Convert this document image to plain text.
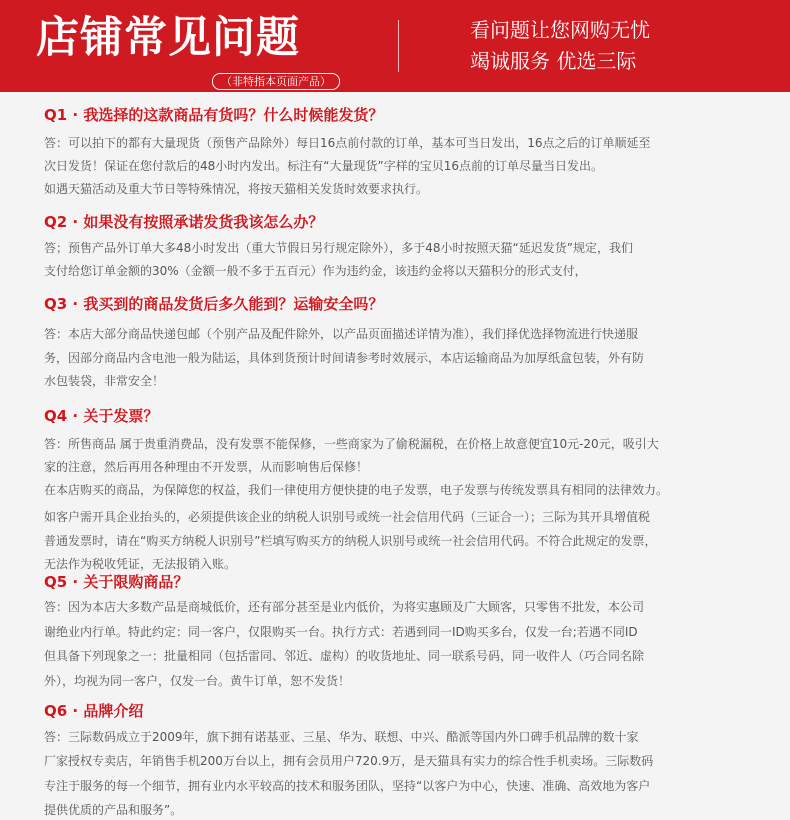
店铺常见问题
（非特指本页面产品）
看问题让您网购无忧
竭诚服务 优选三际
Q1 · 我选择的这款商品有货吗？什么时候能发货？
答：可以拍下的都有大量现货（预售产品除外）每日16点前付款的订单，基本可当日发出，16点之后的订单顺延至
次日发货！保证在您付款后的48小时内发出。标注有“大量现货”字样的宝贝16点前的订单尽量当日发出。
如遇天猫活动及重大节日等特殊情况，将按天猫相关发货时效要求执行。
Q2 · 如果没有按照承诺发货我该怎么办？
答；预售产品外订单大多48小时发出（重大节假日另行规定除外），多于48小时按照天猫“延迟发货”规定，我们
支付给您订单金额的30%（金额一般不多于五百元）作为违约金，该违约金将以天猫积分的形式支付，
Q3 · 我买到的商品发货后多久能到？运输安全吗？
答：本店大部分商品快递包邮（个别产品及配件除外，以产品页面描述详情为准），我们择优选择物流进行快递服
务，因部分商品内含电池一般为陆运，具体到货预计时间请参考时效展示，本店运输商品为加厚纸盒包装，外有防
水包装袋，非常安全！
Q4 · 关于发票？
答：所售商品 属于贵重消费品，没有发票不能保修，一些商家为了偷税漏税，在价格上故意便宜10元-20元，吸引大
家的注意，然后再用各种理由不开发票，从而影响售后保修！
在本店购买的商品，为保障您的权益，我们一律使用方便快捷的电子发票，电子发票与传统发票具有相同的法律效力。
如客户需开具企业抬头的，必须提供该企业的纳税人识别号或统一社会信用代码（三证合一）；三际为其开具增值税
普通发票时，请在“购买方纳税人识别号”栏填写购买方的纳税人识别号或统一社会信用代码。不符合此规定的发票，
无法作为税收凭证，无法报销入账。
Q5 · 关于限购商品？
答：因为本店大多数产品是商城低价，还有部分甚至是业内低价，为将实惠顾及广大顾客，只零售不批发，本公司
谢绝业内行单。特此约定：同一客户，仅限购买一台。执行方式：若遇到同一ID购买多台，仅发一台;若遇不同ID
但具备下列现象之一：批量相同（包括雷同、邻近、虚构）的收货地址、同一联系号码，同一收件人（巧合同名除
外），均视为同一客户，仅发一台。黄牛订单，恕不发货！
Q6 · 品牌介绍
答：三际数码成立于2009年，旗下拥有诺基亚、三星、华为、联想、中兴、酷派等国内外口碑手机品牌的数十家
厂家授权专卖店，年销售手机200万台以上，拥有会员用户720.9万，是天猫具有实力的综合性手机卖场。三际数码
专注于服务的每一个细节，拥有业内水平较高的技术和服务团队，坚持“以客户为中心，快速、准确、高效地为客户
提供优质的产品和服务”。
